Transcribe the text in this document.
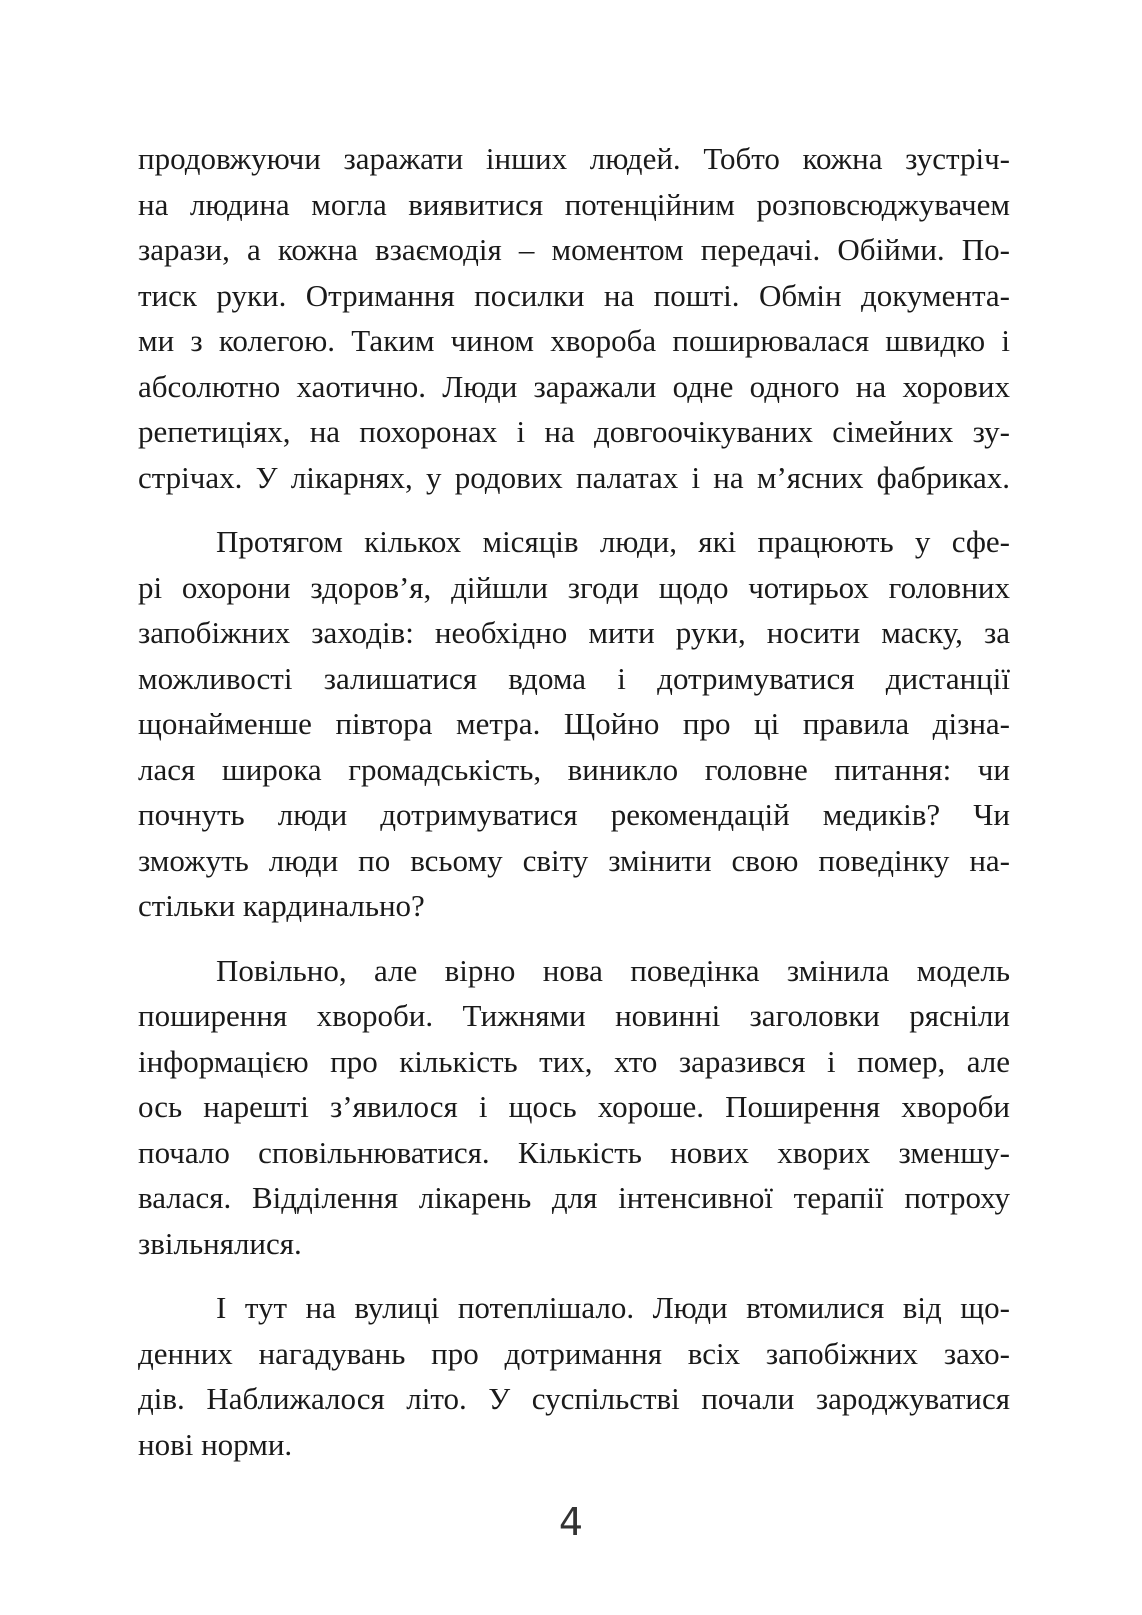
продовжуючи заражати інших людей. Тобто кожна зустріч-
на людина могла виявитися потенційним розповсюджувачем
зарази, а кожна взаємодія – моментом передачі. Обійми. По-
тиск руки. Отримання посилки на пошті. Обмін документа-
ми з колегою. Таким чином хвороба поширювалася швидко і
абсолютно хаотично. Люди заражали одне одного на хорових
репетиціях, на похоронах і на довгоочікуваних сімейних зу-
стрічах. У лікарнях, у родових палатах і на м’ясних фабриках.
Протягом кількох місяців люди, які працюють у сфе-
рі охорони здоров’я, дійшли згоди щодо чотирьох головних
запобіжних заходів: необхідно мити руки, носити маску, за
можливості залишатися вдома і дотримуватися дистанції
щонайменше півтора метра. Щойно про ці правила дізна-
лася широка громадськість, виникло головне питання: чи
почнуть люди дотримуватися рекомендацій медиків? Чи
зможуть люди по всьому світу змінити свою поведінку на-
стільки кардинально?
Повільно, але вірно нова поведінка змінила модель
поширення хвороби. Тижнями новинні заголовки рясніли
інформацією про кількість тих, хто заразився і помер, але
ось нарешті з’явилося і щось хороше. Поширення хвороби
почало сповільнюватися. Кількість нових хворих зменшу-
валася. Відділення лікарень для інтенсивної терапії потроху
звільнялися.
І тут на вулиці потеплішало. Люди втомилися від що-
денних нагадувань про дотримання всіх запобіжних захо-
дів. Наближалося літо. У суспільстві почали зароджуватися
нові норми.
4
